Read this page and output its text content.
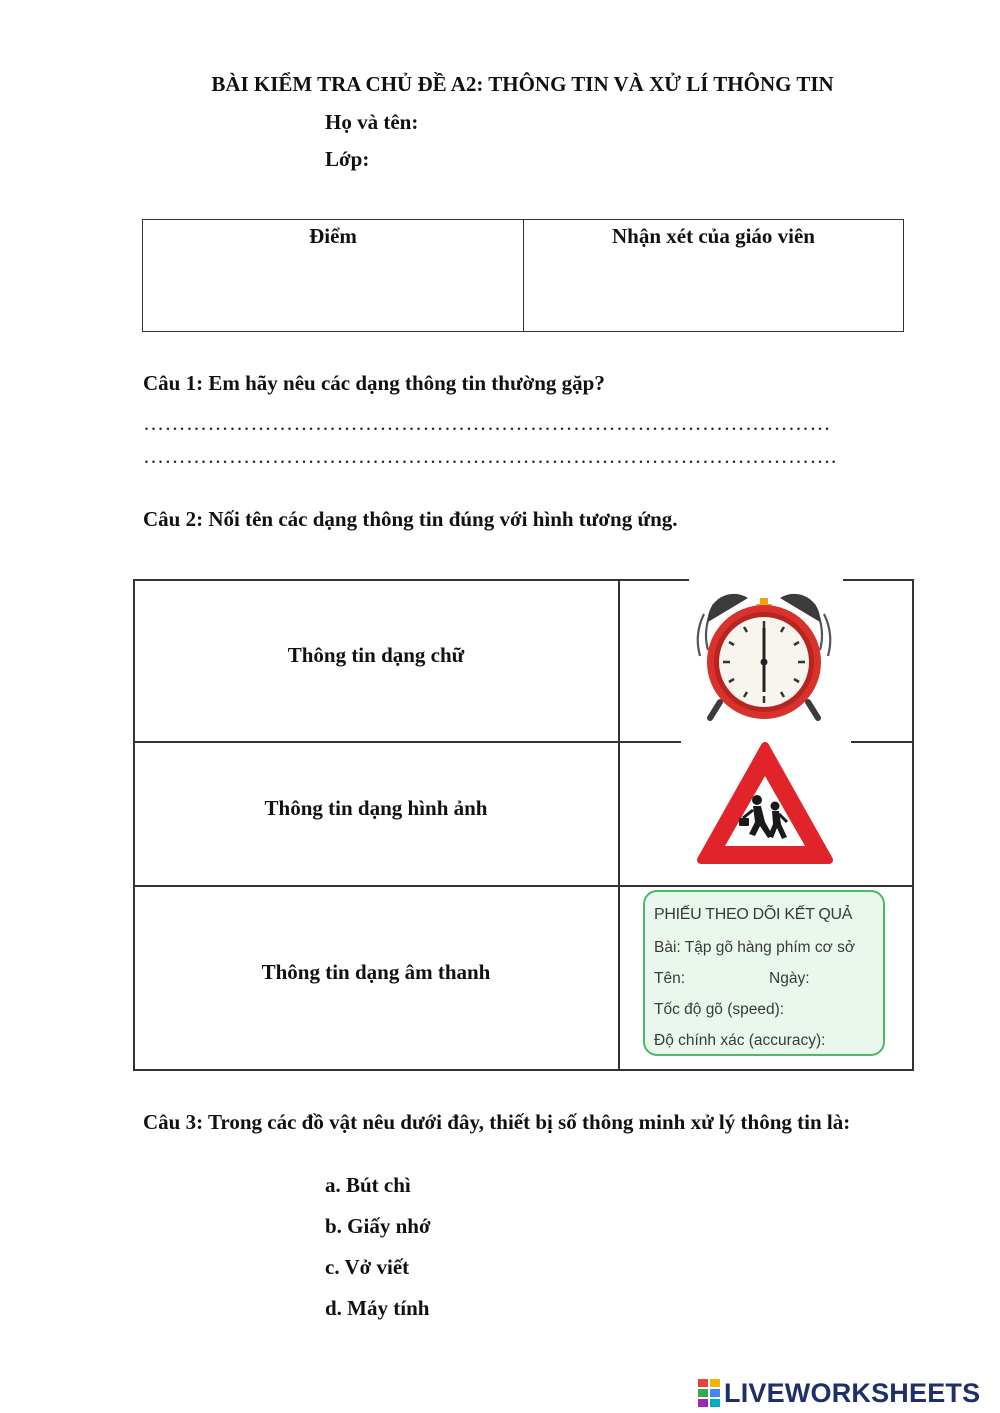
BÀI KIỂM TRA CHỦ ĐỀ A2: THÔNG TIN VÀ XỬ LÍ THÔNG TIN
Họ và tên:
Lớp:
Điểm	Nhận xét của giáo viên
Câu 1: Em hãy nêu các dạng thông tin thường gặp?
……………………………………………………………………………………
…………………………………………………………………………………….
Câu 2: Nối tên các dạng thông tin đúng với hình tương ứng.
Thông tin dạng chữ
Thông tin dạng hình ảnh
Thông tin dạng âm thanh
PHIẾU THEO DÕI KẾT QUẢ
Bài: Tập gõ hàng phím cơ sở
Tên:	Ngày:
Tốc độ gõ (speed):
Độ chính xác (accuracy):
Câu 3: Trong các đồ vật nêu dưới đây, thiết bị số thông minh xử lý thông tin là:
a. Bút chì
b. Giấy nhớ
c. Vở viết
d. Máy tính
LIVEWORKSHEETS
